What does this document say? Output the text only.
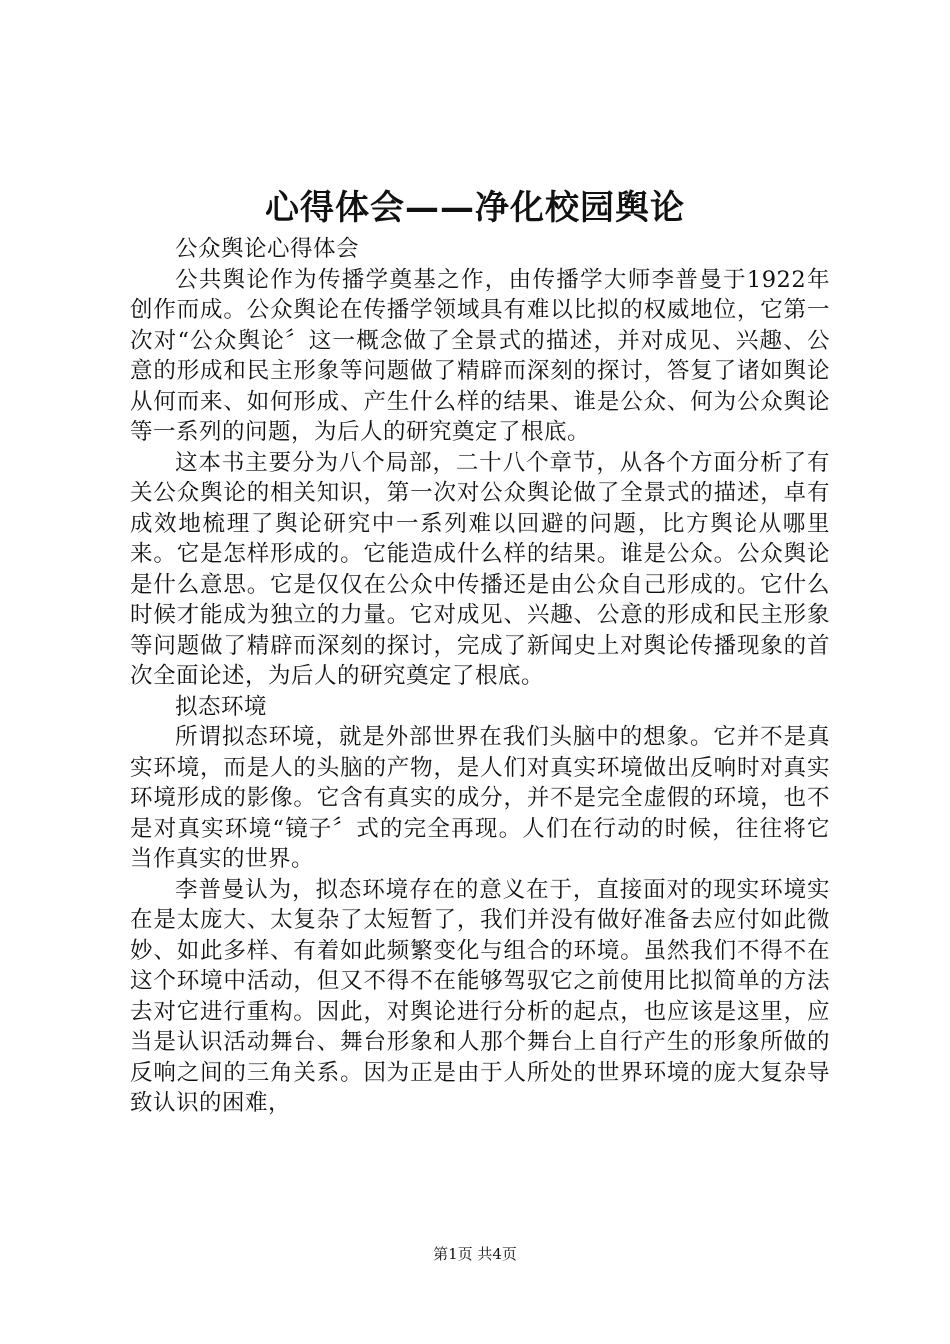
心得体会——净化校园舆论

公众舆论心得体会

公共舆论作为传播学奠基之作，由传播学大师李普曼于1922年创作而成。公众舆论在传播学领域具有难以比拟的权威地位，它第一次对“公众舆论〞这一概念做了全景式的描述，并对成见、兴趣、公意的形成和民主形象等问题做了精辟而深刻的探讨，答复了诸如舆论从何而来、如何形成、产生什么样的结果、谁是公众、何为公众舆论等一系列的问题，为后人的研究奠定了根底。

这本书主要分为八个局部，二十八个章节，从各个方面分析了有关公众舆论的相关知识，第一次对公众舆论做了全景式的描述，卓有成效地梳理了舆论研究中一系列难以回避的问题，比方舆论从哪里来。它是怎样形成的。它能造成什么样的结果。谁是公众。公众舆论是什么意思。它是仅仅在公众中传播还是由公众自己形成的。它什么时候才能成为独立的力量。它对成见、兴趣、公意的形成和民主形象等问题做了精辟而深刻的探讨，完成了新闻史上对舆论传播现象的首次全面论述，为后人的研究奠定了根底。

拟态环境

所谓拟态环境，就是外部世界在我们头脑中的想象。它并不是真实环境，而是人的头脑的产物，是人们对真实环境做出反响时对真实环境形成的影像。它含有真实的成分，并不是完全虚假的环境，也不是对真实环境“镜子〞式的完全再现。人们在行动的时候，往往将它当作真实的世界。

李普曼认为，拟态环境存在的意义在于，直接面对的现实环境实在是太庞大、太复杂了太短暂了，我们并没有做好准备去应付如此微妙、如此多样、有着如此频繁变化与组合的环境。虽然我们不得不在这个环境中活动，但又不得不在能够驾驭它之前使用比拟简单的方法去对它进行重构。因此，对舆论进行分析的起点，也应该是这里，应当是认识活动舞台、舞台形象和人那个舞台上自行产生的形象所做的反响之间的三角关系。因为正是由于人所处的世界环境的庞大复杂导致认识的困难，

第1页 共4页
